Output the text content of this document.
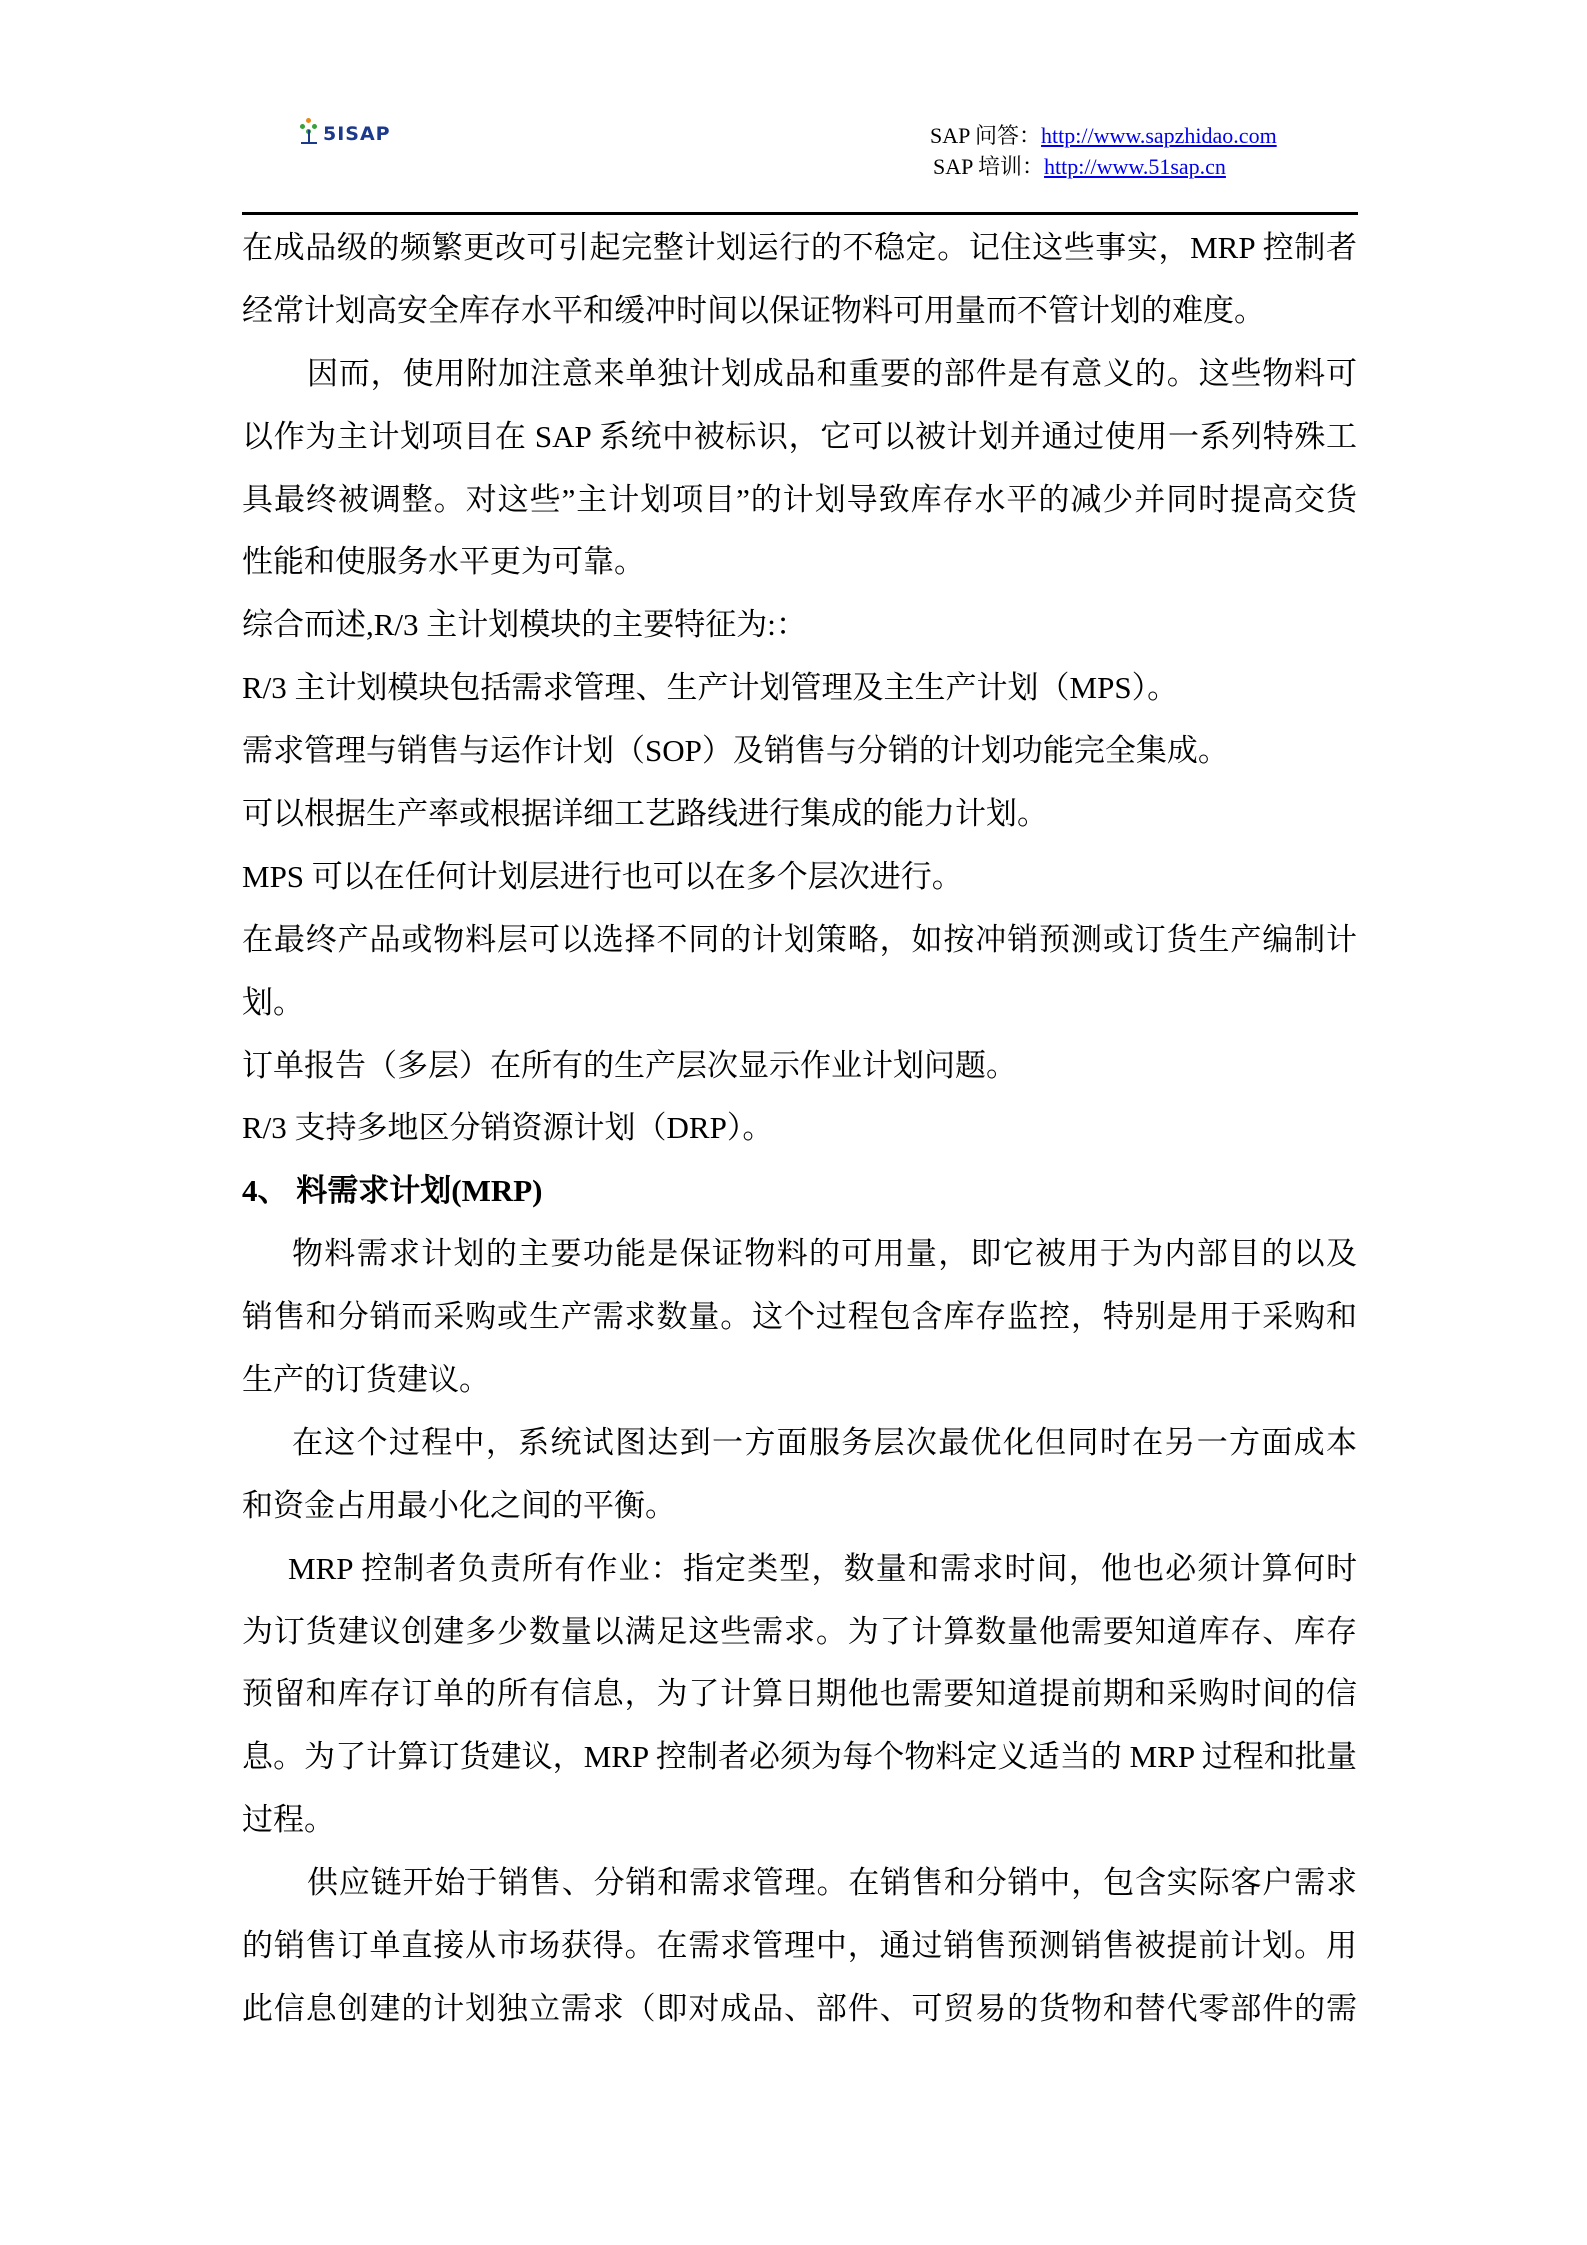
5ISAP	SAP 问答：http://www.sapzhidao.com
SAP 培训：http://www.51sap.cn
在成品级的频繁更改可引起完整计划运行的不稳定。记住这些事实，MRP 控制者
经常计划高安全库存水平和缓冲时间以保证物料可用量而不管计划的难度。
因而，使用附加注意来单独计划成品和重要的部件是有意义的。这些物料可
以作为主计划项目在 SAP 系统中被标识，它可以被计划并通过使用一系列特殊工
具最终被调整。对这些”主计划项目”的计划导致库存水平的减少并同时提高交货
性能和使服务水平更为可靠。
综合而述,R/3 主计划模块的主要特征为:：
R/3 主计划模块包括需求管理、生产计划管理及主生产计划（MPS）。
需求管理与销售与运作计划（SOP）及销售与分销的计划功能完全集成。
可以根据生产率或根据详细工艺路线进行集成的能力计划。
MPS 可以在任何计划层进行也可以在多个层次进行。
在最终产品或物料层可以选择不同的计划策略，如按冲销预测或订货生产编制计
划。
订单报告（多层）在所有的生产层次显示作业计划问题。
R/3 支持多地区分销资源计划（DRP）。
4、 料需求计划(MRP)
物料需求计划的主要功能是保证物料的可用量，即它被用于为内部目的以及
销售和分销而采购或生产需求数量。这个过程包含库存监控，特别是用于采购和
生产的订货建议。
在这个过程中，系统试图达到一方面服务层次最优化但同时在另一方面成本
和资金占用最小化之间的平衡。
MRP 控制者负责所有作业：指定类型，数量和需求时间，他也必须计算何时
为订货建议创建多少数量以满足这些需求。为了计算数量他需要知道库存、库存
预留和库存订单的所有信息，为了计算日期他也需要知道提前期和采购时间的信
息。为了计算订货建议，MRP 控制者必须为每个物料定义适当的 MRP 过程和批量
过程。
供应链开始于销售、分销和需求管理。在销售和分销中，包含实际客户需求
的销售订单直接从市场获得。在需求管理中，通过销售预测销售被提前计划。用
此信息创建的计划独立需求（即对成品、部件、可贸易的货物和替代零部件的需
